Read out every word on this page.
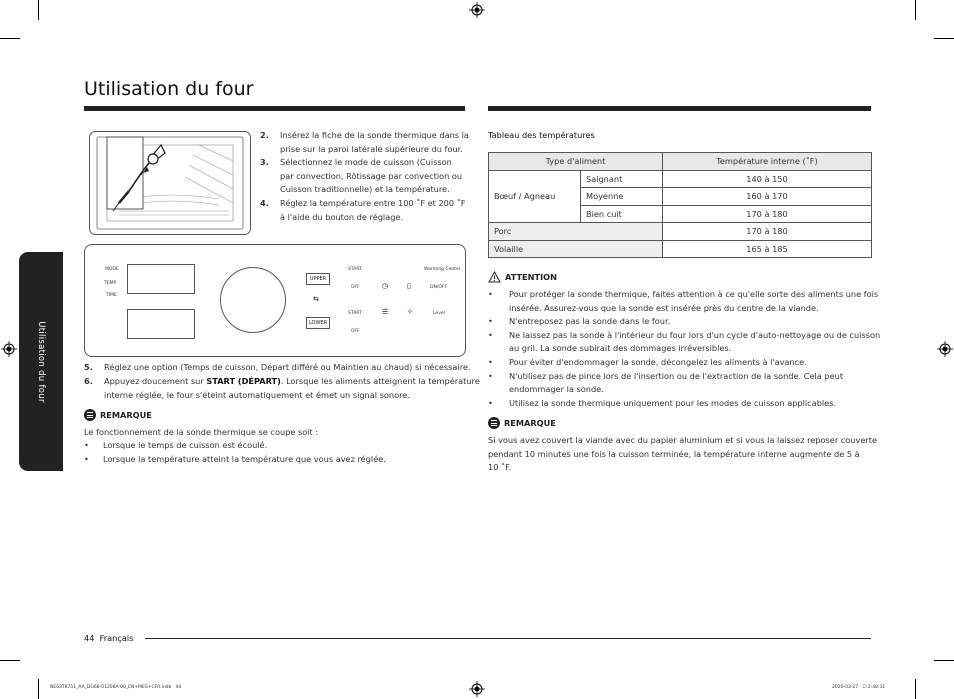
Utilisation du four
Utilisation du four
2. Insérez la fiche de la sonde thermique dans la
prise sur la paroi latérale supérieure du four.
3. Sélectionnez le mode de cuisson (Cuisson
par convection, Rôtissage par convection ou
Cuisson traditionnelle) et la température.
4. Réglez la température entre 100 ˚F et 200 ˚F
à l'aide du bouton de réglage.
MODE
TEMP
TIME
UPPER
⇆
LOWER
START
OFF
START
OFF
◷
☰
▯
✧
Warming Center
ON/OFF
Level
5. Réglez une option (Temps de cuisson, Départ différé ou Maintien au chaud) si nécessaire.
6. Appuyez doucement sur START (DÉPART). Lorsque les aliments atteignent la température
interne réglée, le four s'éteint automatiquement et émet un signal sonore.
REMARQUE
Le fonctionnement de la sonde thermique se coupe soit :
• Lorsque le temps de cuisson est écoulé.
• Lorsque la température atteint la température que vous avez réglée.
Tableau des températures
Type d'aliment		Température interne (˚F)
Bœuf / Agneau	Saignant	140 à 150
	Moyenne	160 à 170
	Bien cuit	170 à 180
Porc		170 à 180
Volaille		165 à 185
ATTENTION
• Pour protéger la sonde thermique, faites attention à ce qu'elle sorte des aliments une fois
insérée. Assurez-vous que la sonde est insérée près du centre de la viande.
• N'entreposez pas la sonde dans le four.
• Ne laissez pas la sonde à l'intérieur du four lors d'un cycle d'auto-nettoyage ou de cuisson
au gril. La sonde subirait des dommages irréversibles.
• Pour éviter d'endommager la sonde, décongelez les aliments à l'avance.
• N'utilisez pas de pince lors de l'insertion ou de l'extraction de la sonde. Cela peut
endommager la sonde.
• Utilisez la sonde thermique uniquement pour les modes de cuisson applicables.
REMARQUE
Si vous avez couvert la viande avec du papier aluminium et si vous la laissez reposer couverte
pendant 10 minutes une fois la cuisson terminée, la température interne augmente de 5 à
10 ˚F.
44 Français
NE63T8751_AA_DG68-01208A-00_EN+MES+CFR.indb   44	2020-03-27   ☐ 2:48:31
